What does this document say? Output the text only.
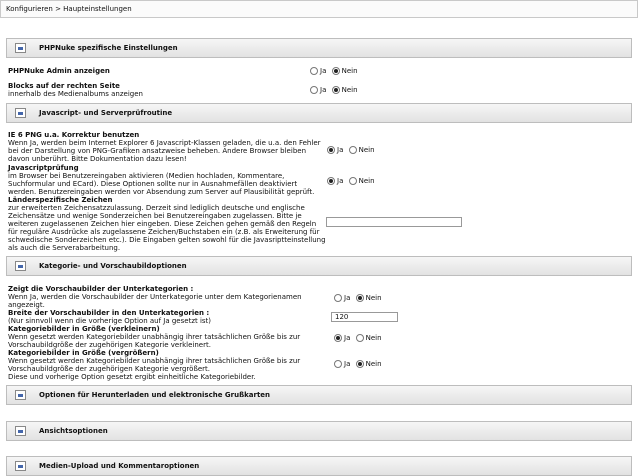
Konfigurieren > Haupteinstellungen
PHPNuke spezifische Einstellungen
PHPNuke Admin anzeigen	Ja Nein
Blocks auf der rechten Seite
innerhalb des Medienalbums anzeigen	Ja Nein
Javascript- und Serverprüfroutine
IE 6 PNG u.a. Korrektur benutzen
Wenn Ja, werden beim Internet Explorer 6 Javascript-Klassen geladen, die u.a. den Fehler
bei der Darstellung von PNG-Grafiken ansatzweise beheben. Andere Browser bleiben
davon unberührt. Bitte Dokumentation dazu lesen!
Ja Nein
Javascriptprüfung
im Browser bei Benutzereingaben aktivieren (Medien hochladen, Kommentare,
Suchformular und ECard). Diese Optionen sollte nur in Ausnahmefällen deaktiviert
werden. Benutzereingaben werden vor Absendung zum Server auf Plausibilität geprüft.
Ja Nein
Länderspezifische Zeichen
zur erweiterten Zeichensatzzulassung. Derzeit sind lediglich deutsche und englische
Zeichensätze und wenige Sonderzeichen bei Benutzereingaben zugelassen. Bitte je
weiteren zugelassenen Zeichen hier eingeben. Diese Zeichen gehen gemäß den Regeln
für reguläre Ausdrücke als zugelassene Zeichen/Buchstaben ein (z.B. als Erweiterung für
schwedische Sonderzeichen etc.). Die Eingaben gelten sowohl für die Javasriptteinstellung
als auch die Serverabarbeitung.
Kategorie- und Vorschaubildoptionen
Zeigt die Vorschaubilder der Unterkategorien :
Wenn Ja, werden die Vorschaubilder der Unterkategorie unter dem Kategorienamen
angezeigt.
Ja Nein
Breite der Vorschaubilder in den Unterkategorien :
(Nur sinnvoll wenn die vorherige Option auf Ja gesetzt ist)	120
Kategoriebilder in Größe (verkleinern)
Wenn gesetzt werden Kategoriebilder unabhängig ihrer tatsächlichen Größe bis zur
Vorschaubildgröße der zugehörigen Kategorie verkleinert.
Ja Nein
Kategoriebilder in Größe (vergrößern)
Wenn gesetzt werden Kategoriebilder unabhängig ihrer tatsächlichen Größe bis zur
Vorschaubildgröße der zugehörigen Kategorie vergrößert.
Diese und vorherige Option gesetzt ergibt einheitliche Kategoriebilder.
Ja Nein
Optionen für Herunterladen und elektronische Grußkarten
Ansichtsoptionen
Medien-Upload und Kommentaroptionen
